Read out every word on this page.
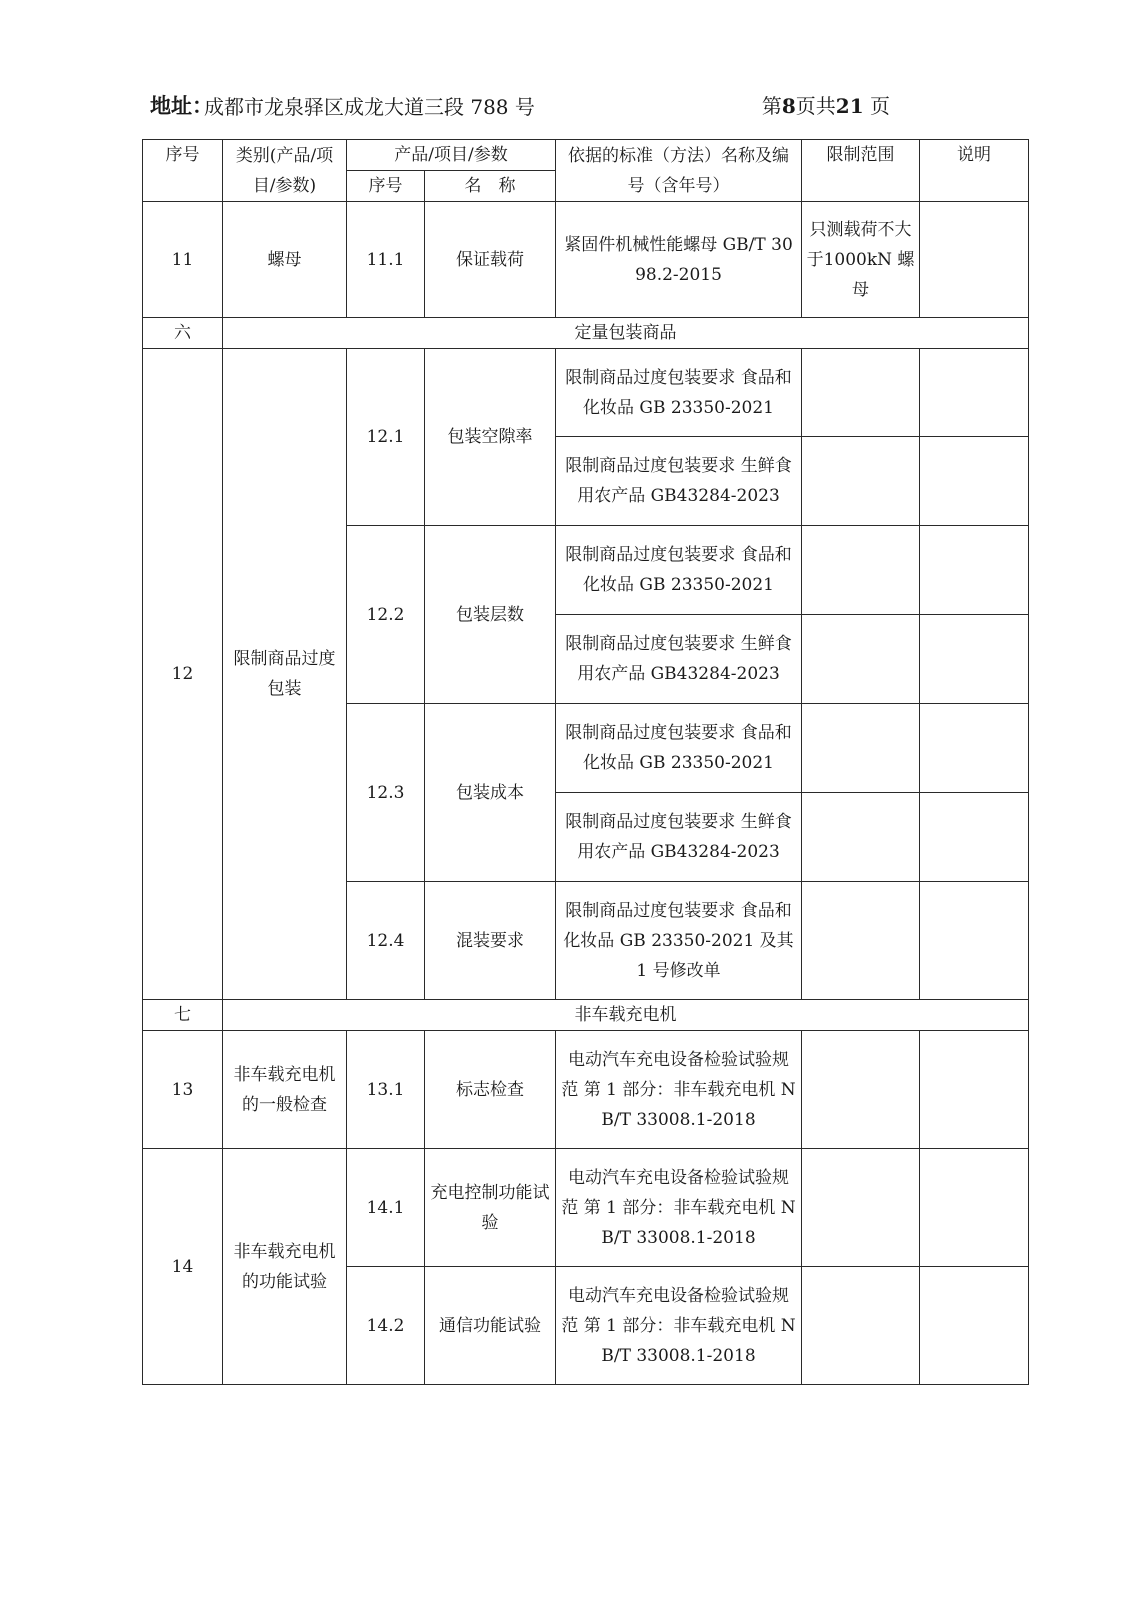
地址：
成都市龙泉驿区成龙大道三段 788 号	第8页共21 页
序号	类别(产品/项目/参数)	产品/项目/参数		依据的标准（方法）名称及编号（含年号）	限制范围	说明
		序号	名　称			
11	螺母	11.1	保证载荷	紧固件机械性能螺母 GB/T 3098.2-2015	只测载荷不大于1000kN 螺母	
六	定量包装商品					
12	限制商品过度包装	12.1	包装空隙率	限制商品过度包装要求 食品和化妆品 GB 23350-2021		
				限制商品过度包装要求 生鲜食用农产品 GB43284-2023		
		12.2	包装层数	限制商品过度包装要求 食品和化妆品 GB 23350-2021		
				限制商品过度包装要求 生鲜食用农产品 GB43284-2023		
		12.3	包装成本	限制商品过度包装要求 食品和化妆品 GB 23350-2021		
				限制商品过度包装要求 生鲜食用农产品 GB43284-2023		
		12.4	混装要求	限制商品过度包装要求 食品和化妆品 GB 23350-2021 及其 1 号修改单		

七	非车载充电机					
13	非车载充电机的一般检查	13.1	标志检查	电动汽车充电设备检验试验规范 第 1 部分：非车载充电机 NB/T 33008.1-2018		
14	非车载充电机的功能试验	14.1	充电控制功能试验	电动汽车充电设备检验试验规范 第 1 部分：非车载充电机 NB/T 33008.1-2018		
		14.2	通信功能试验	电动汽车充电设备检验试验规范 第 1 部分：非车载充电机 NB/T 33008.1-2018		
